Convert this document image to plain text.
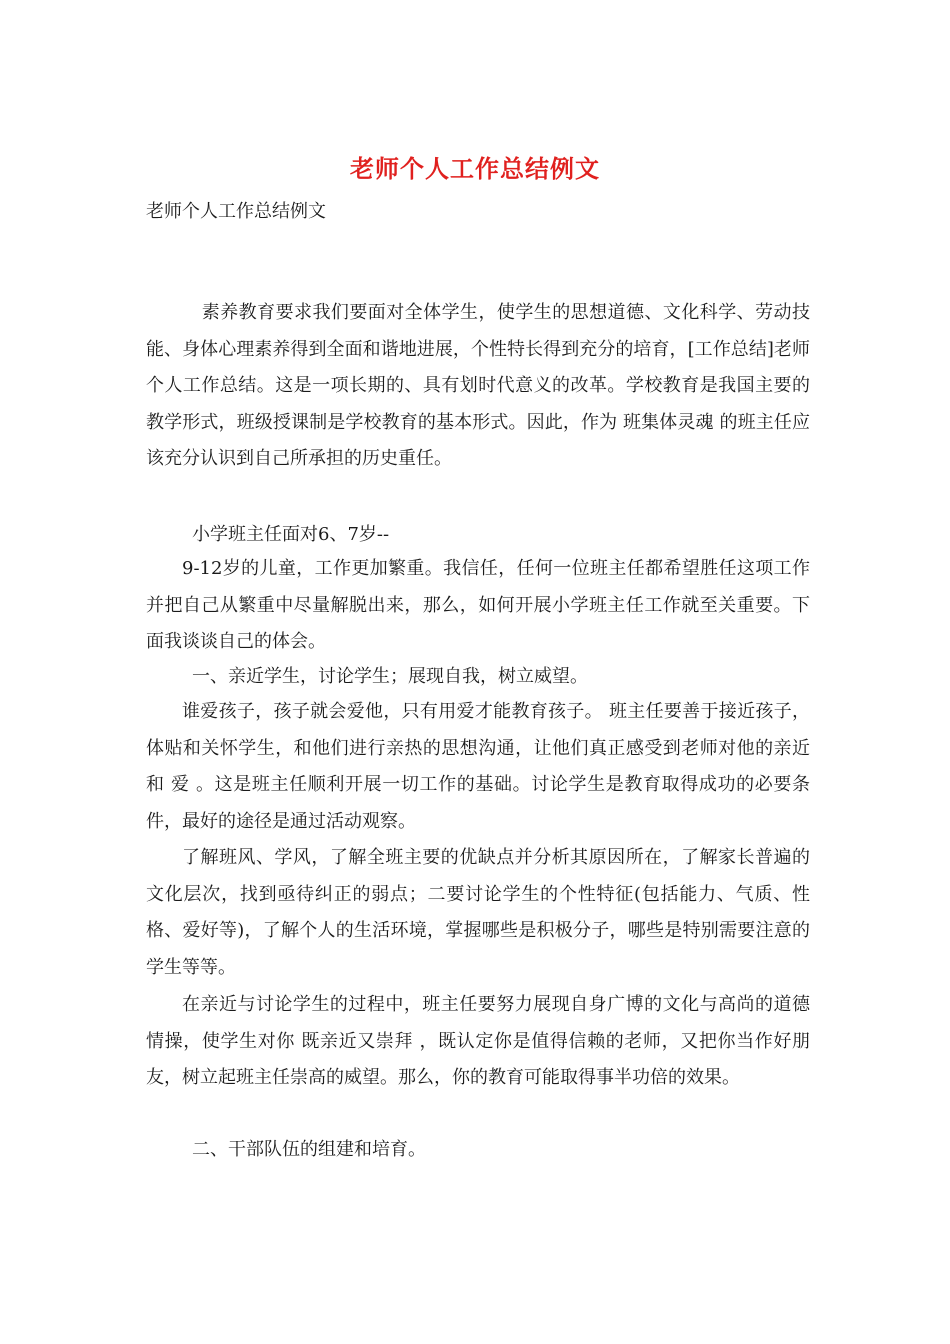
老师个人工作总结例文
老师个人工作总结例文

素养教育要求我们要面对全体学生，使学生的思想道德、文化科学、劳动技能、身体心理素养得到全面和谐地进展，个性特长得到充分的培育，[工作总结]老师个人工作总结。这是一项长期的、具有划时代意义的改革。学校教育是我国主要的教学形式，班级授课制是学校教育的基本形式。因此，作为 班集体灵魂 的班主任应该充分认识到自己所承担的历史重任。

小学班主任面对6、7岁--

9-12岁的儿童，工作更加繁重。我信任，任何一位班主任都希望胜任这项工作并把自己从繁重中尽量解脱出来，那么，如何开展小学班主任工作就至关重要。下面我谈谈自己的体会。

一、亲近学生，讨论学生；展现自我，树立威望。

谁爱孩子，孩子就会爱他，只有用爱才能教育孩子。 班主任要善于接近孩子，体贴和关怀学生，和他们进行亲热的思想沟通，让他们真正感受到老师对他的亲近和 爱 。这是班主任顺利开展一切工作的基础。讨论学生是教育取得成功的必要条件，最好的途径是通过活动观察。

了解班风、学风，了解全班主要的优缺点并分析其原因所在，了解家长普遍的文化层次，找到亟待纠正的弱点；二要讨论学生的个性特征(包括能力、气质、性格、爱好等)，了解个人的生活环境，掌握哪些是积极分子，哪些是特别需要注意的学生等等。

在亲近与讨论学生的过程中，班主任要努力展现自身广博的文化与高尚的道德情操，使学生对你 既亲近又崇拜 ，既认定你是值得信赖的老师，又把你当作好朋友，树立起班主任崇高的威望。那么，你的教育可能取得事半功倍的效果。

二、干部队伍的组建和培育。
